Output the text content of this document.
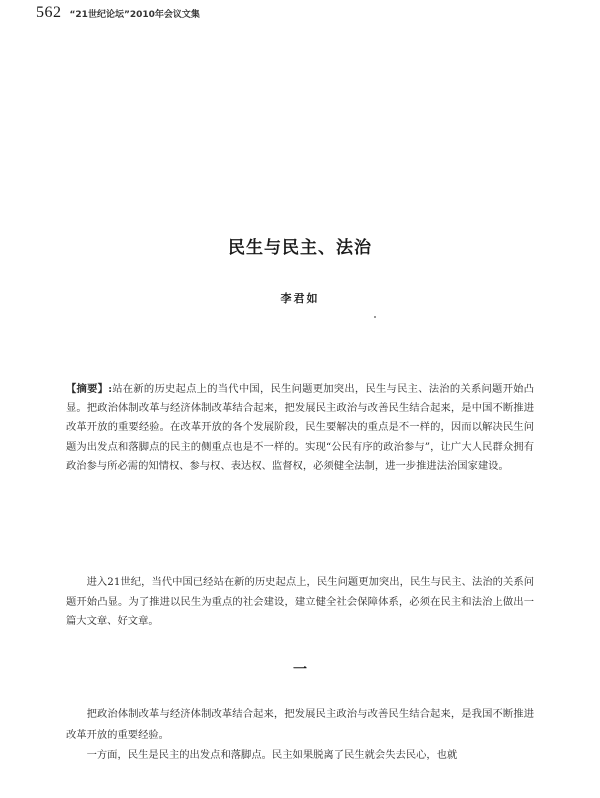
562 “21世纪论坛”2010年会议文集
民生与民主、法治
李君如
【摘要】:站在新的历史起点上的当代中国，民生问题更加突出，民生与民主、法治的关系问题开始凸显。把政治体制改革与经济体制改革结合起来，把发展民主政治与改善民生结合起来，是中国不断推进改革开放的重要经验。在改革开放的各个发展阶段，民生要解决的重点是不一样的，因而以解决民生问题为出发点和落脚点的民主的侧重点也是不一样的。实现“公民有序的政治参与”，让广大人民群众拥有政治参与所必需的知情权、参与权、表达权、监督权，必须健全法制，进一步推进法治国家建设。
进入21世纪，当代中国已经站在新的历史起点上，民生问题更加突出，民生与民主、法治的关系问题开始凸显。为了推进以民生为重点的社会建设，建立健全社会保障体系，必须在民主和法治上做出一篇大文章、好文章。
一

把政治体制改革与经济体制改革结合起来，把发展民主政治与改善民生结合起来，是我国不断推进改革开放的重要经验。

一方面，民生是民主的出发点和落脚点。民主如果脱离了民生就会失去民心，也就
